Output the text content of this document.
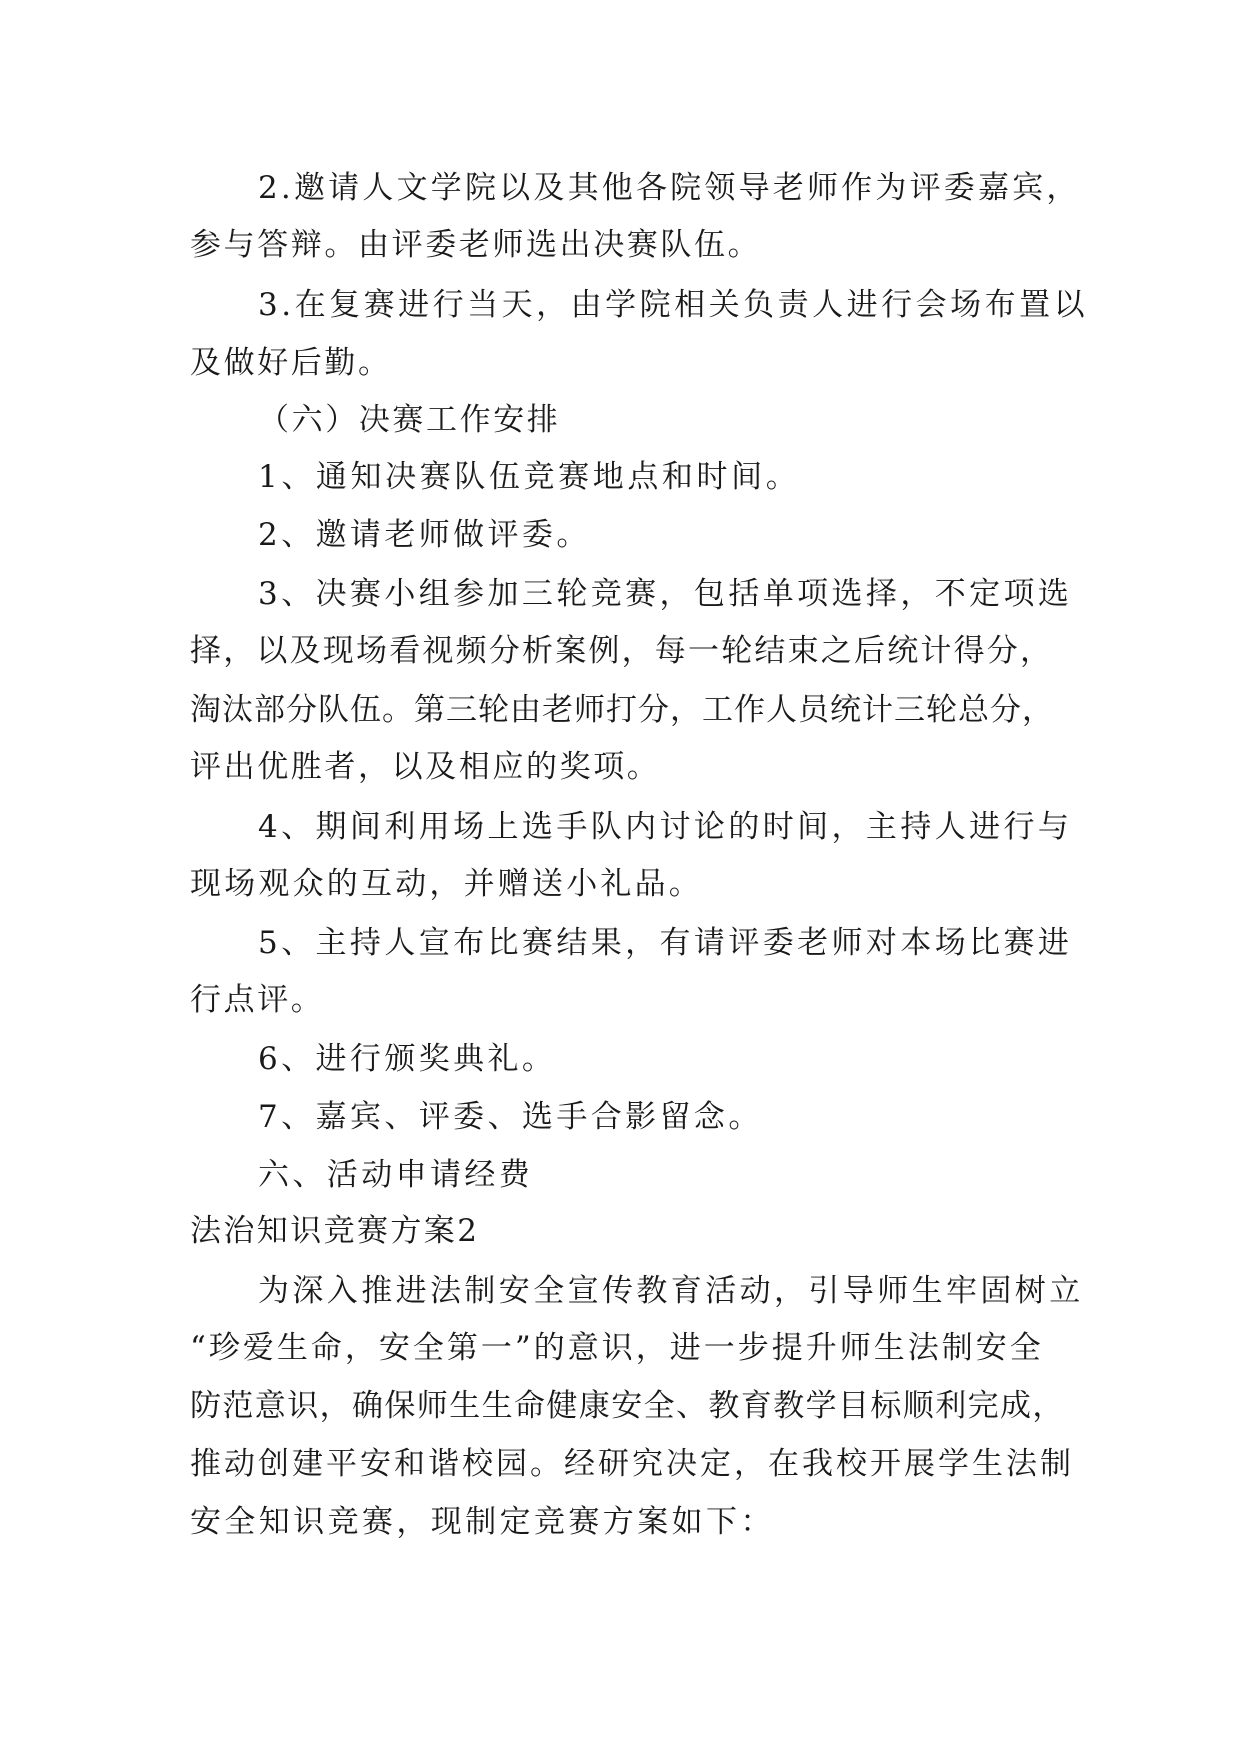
2.邀请人文学院以及其他各院领导老师作为评委嘉宾，
参与答辩。由评委老师选出决赛队伍。
3.在复赛进行当天，由学院相关负责人进行会场布置以
及做好后勤。
（六）决赛工作安排
1、通知决赛队伍竞赛地点和时间。
2、邀请老师做评委。
3、决赛小组参加三轮竞赛，包括单项选择，不定项选
择，以及现场看视频分析案例，每一轮结束之后统计得分，
淘汰部分队伍。第三轮由老师打分，工作人员统计三轮总分，
评出优胜者，以及相应的奖项。
4、期间利用场上选手队内讨论的时间，主持人进行与
现场观众的互动，并赠送小礼品。
5、主持人宣布比赛结果，有请评委老师对本场比赛进
行点评。
6、进行颁奖典礼。
7、嘉宾、评委、选手合影留念。
六、活动申请经费
法治知识竞赛方案2
为深入推进法制安全宣传教育活动，引导师生牢固树立
“珍爱生命，安全第一”的意识，进一步提升师生法制安全
防范意识，确保师生生命健康安全、教育教学目标顺利完成，
推动创建平安和谐校园。经研究决定，在我校开展学生法制
安全知识竞赛，现制定竞赛方案如下：
